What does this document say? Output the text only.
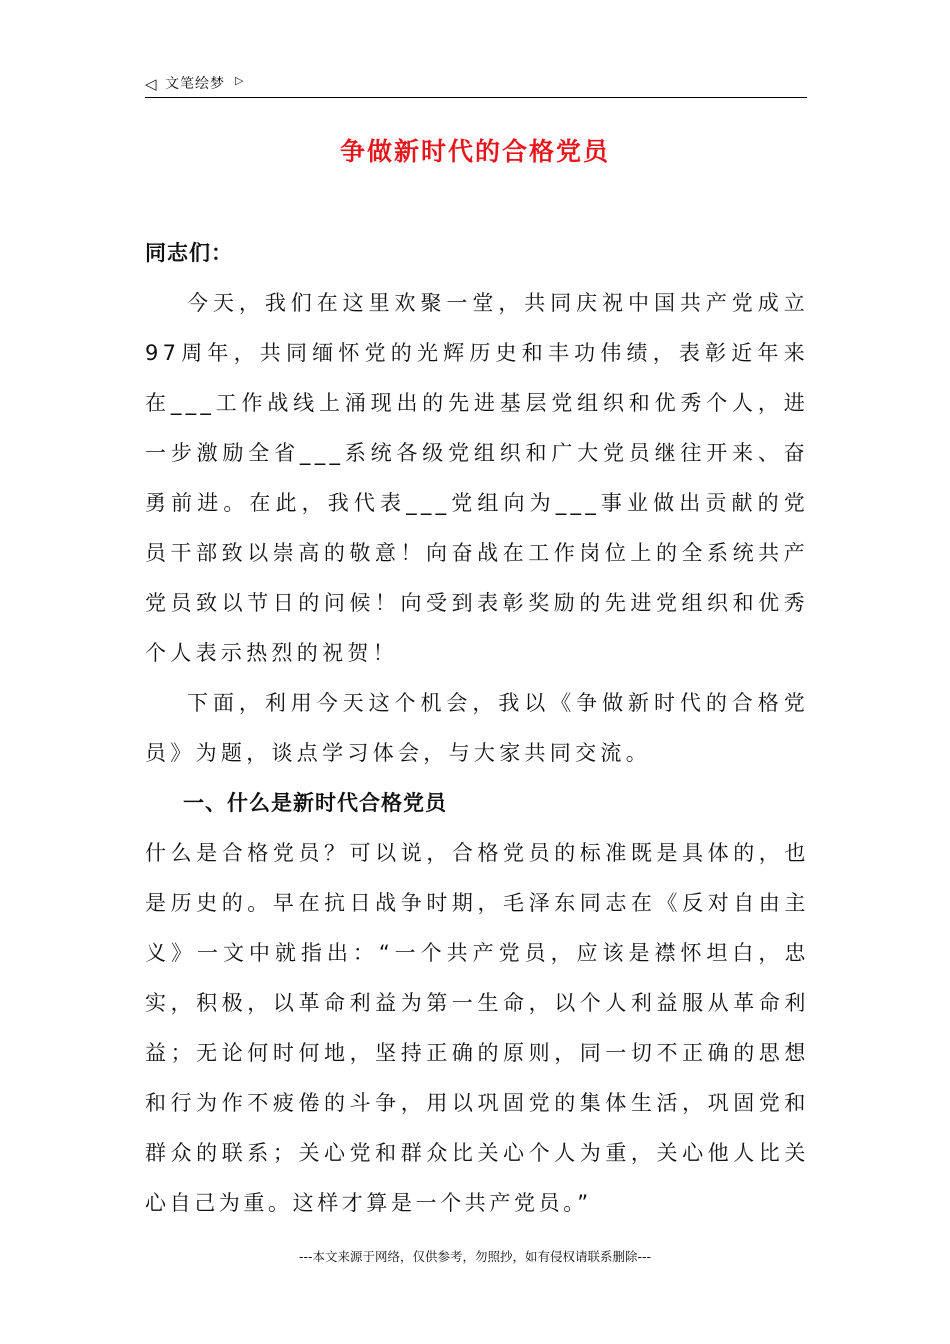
◁ 文笔绘梦 ▷
争做新时代的合格党员
同志们：

今天，我们在这里欢聚一堂，共同庆祝中国共产党成立97周年，共同缅怀党的光辉历史和丰功伟绩，表彰近年来在___工作战线上涌现出的先进基层党组织和优秀个人，进一步激励全省___系统各级党组织和广大党员继往开来、奋勇前进。在此，我代表___党组向为___事业做出贡献的党员干部致以崇高的敬意！向奋战在工作岗位上的全系统共产党员致以节日的问候！向受到表彰奖励的先进党组织和优秀个人表示热烈的祝贺！

下面，利用今天这个机会，我以《争做新时代的合格党员》为题，谈点学习体会，与大家共同交流。

一、什么是新时代合格党员

什么是合格党员？可以说，合格党员的标准既是具体的，也是历史的。早在抗日战争时期，毛泽东同志在《反对自由主义》一文中就指出：“一个共产党员，应该是襟怀坦白，忠实，积极，以革命利益为第一生命，以个人利益服从革命利益；无论何时何地，坚持正确的原则，同一切不正确的思想和行为作不疲倦的斗争，用以巩固党的集体生活，巩固党和群众的联系；关心党和群众比关心个人为重，关心他人比关心自己为重。这样才算是一个共产党员。”

---本文来源于网络，仅供参考，勿照抄，如有侵权请联系删除---
